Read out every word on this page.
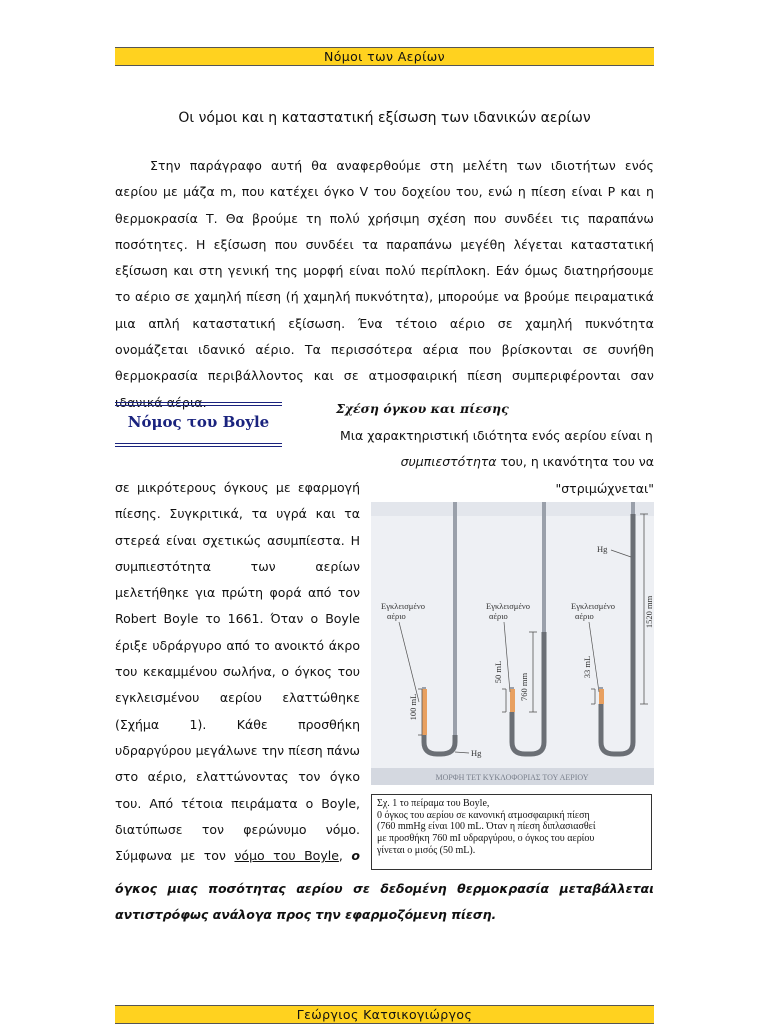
Νόμοι των Αερίων
Οι νόμοι και η καταστατική εξίσωση των ιδανικών αερίων

Στην παράγραφο αυτή θα αναφερθούμε στη μελέτη των ιδιοτήτων ενός αερίου με μάζα m, που κατέχει όγκο V του δοχείου του, ενώ η πίεση είναι P και η θερμοκρασία Τ. Θα βρούμε τη πολύ χρήσιμη σχέση που συνδέει τις παραπάνω ποσότητες. Η εξίσωση που συνδέει τα παραπάνω μεγέθη λέγεται καταστατική εξίσωση και στη γενική της μορφή είναι πολύ περίπλοκη. Εάν όμως διατηρήσουμε το αέριο σε χαμηλή πίεση (ή χαμηλή πυκνότητα), μπορούμε να βρούμε πειραματικά μια απλή καταστατική εξίσωση. Ένα τέτοιο αέριο σε χαμηλή πυκνότητα ονομάζεται ιδανικό αέριο. Τα περισσότερα αέρια που βρίσκονται σε συνήθη θερμοκρασία περιβάλλοντος και σε ατμοσφαιρική πίεση συμπεριφέρονται σαν ιδανικά αέρια.

Νόμος του Boyle
Σχέση όγκου και πίεσης
Μια χαρακτηριστική ιδιότητα ενός αερίου είναι η
συμπιεστότητα του, η ικανότητα του να "στριμώχνεται"
σε μικρότερους όγκους με εφαρμογή
πίεσης. Συγκριτικά, τα υγρά και τα
στερεά είναι σχετικώς ασυμπίεστα. Η
συμπιεστότητα των αερίων
μελετήθηκε για πρώτη φορά από τον
Robert Boyle το 1661. Όταν ο Boyle
έριξε υδράργυρο από το ανοικτό άκρο
του κεκαμμένου σωλήνα, ο όγκος του
εγκλεισμένου αερίου ελαττώθηκε
(Σχήμα 1). Κάθε προσθήκη
υδραργύρου μεγάλωνε την πίεση πάνω
στο αέριο, ελαττώνοντας τον όγκο
του. Από τέτοια πειράματα ο Boyle,
διατύπωσε τον φερώνυμο νόμο.
Σύμφωνα με τον νόμο του Boyle, ο
ΜΟΡΦΗ ΤΕΤ ΚΥΚΛΟΦΟΡΙΑΣ ΤΟΥ ΑΕΡΙΟΥ
100 mL
Εγκλεισμένο
αέριο
Hg
50 mL
760 mm
Εγκλεισμένο
αέριο
33 mL
1520 mm
Εγκλεισμένο
αέριο
Hg
Σχ. 1 το πείραμα του Boyle,
0 όγκος του αερίου σε κανονική ατμοσφαιρική πίεση
(760 mmHg είναι 100 mL. Όταν η πίεση διπλασιασθεί
με προσθήκη 760 mΙ υδραργύρου, ο όγκος του αερίου
γίνεται ο μισός (50 mL).
όγκος μιας ποσότητας αερίου σε δεδομένη θερμοκρασία μεταβάλλεται
αντιστρόφως ανάλογα προς την εφαρμοζόμενη πίεση.
Γεώργιος Κατσικογιώργος
